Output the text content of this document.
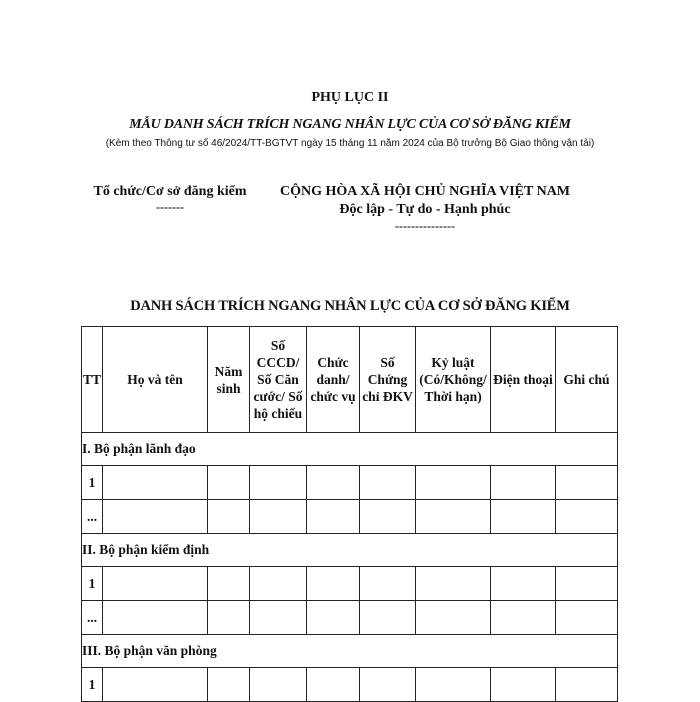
PHỤ LỤC II
MẪU DANH SÁCH TRÍCH NGANG NHÂN LỰC CỦA CƠ SỞ ĐĂNG KIỂM
(Kèm theo Thông tư số 46/2024/TT-BGTVT ngày 15 tháng 11 năm 2024 của Bộ trưởng Bộ Giao thông vận tải)
Tổ chức/Cơ sở đăng kiểm
-------
CỘNG HÒA XÃ HỘI CHỦ NGHĨA VIỆT NAM
Độc lập - Tự do - Hạnh phúc
---------------
DANH SÁCH TRÍCH NGANG NHÂN LỰC CỦA CƠ SỞ ĐĂNG KIỂM
TT	Họ và tên	Năm sinh	Số CCCD/ Số Căn cước/ Số hộ chiếu	Chức danh/ chức vụ	Số Chứng chỉ ĐKV	Kỷ luật (Có/Không/ Thời hạn)	Điện thoại	Ghi chú
I. Bộ phận lãnh đạo								
1								
...								
II. Bộ phận kiểm định								
1								
...								
III. Bộ phận văn phòng								
1								
